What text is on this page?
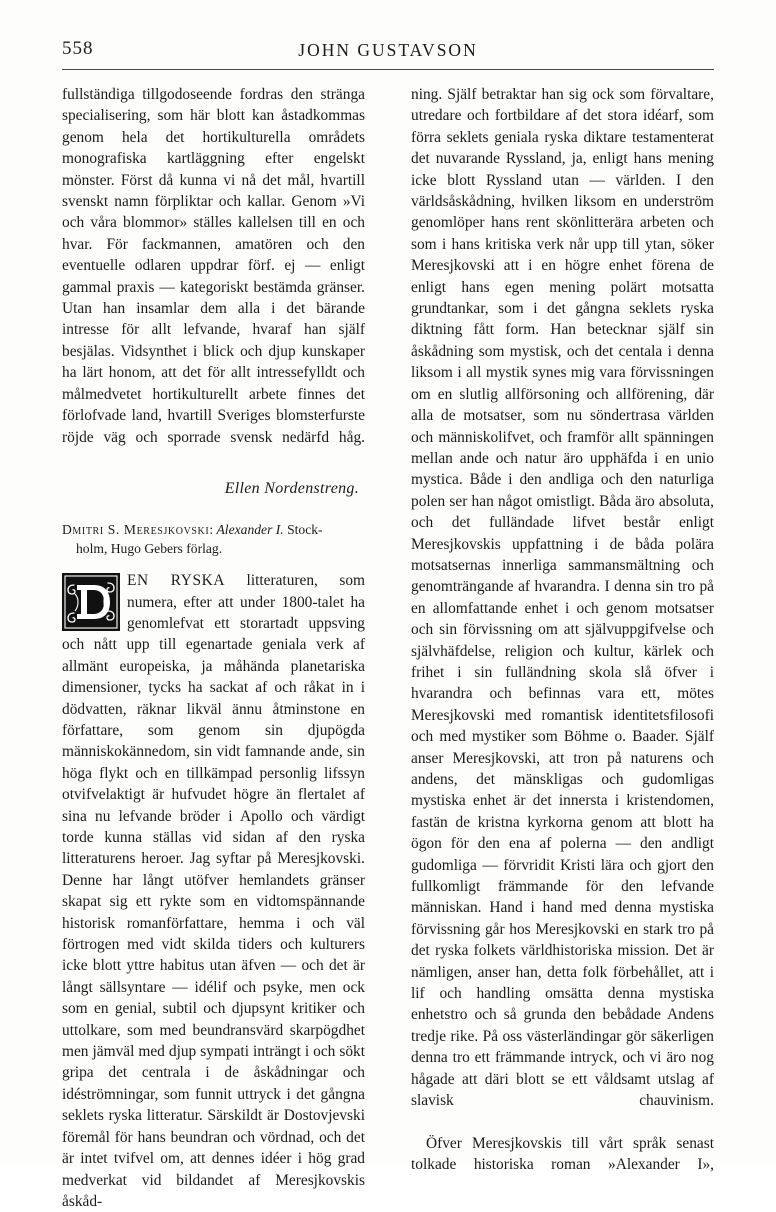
558	JOHN GUSTAVSON

fullständiga tillgodoseende fordras den stränga specialisering, som här blott kan åstadkommas genom hela det hortikulturella områdets monografiska kartläggning efter engelskt mönster. Först då kunna vi nå det mål, hvartill svenskt namn förpliktar och kallar. Genom »Vi och våra blommor» ställes kallelsen till en och hvar. För fackmannen, amatören och den eventuelle odlaren uppdrar förf. ej — enligt gammal praxis — kategoriskt bestämda gränser. Utan han insamlar dem alla i det bärande intresse för allt lefvande, hvaraf han själf besjälas. Vidsynthet i blick och djup kunskaper ha lärt honom, att det för allt intressefylldt och målmedvetet hortikulturellt arbete finnes det förlofvade land, hvartill Sveriges blomsterfurste röjde väg och sporrade svensk nedärfd håg.

Ellen Nordenstreng.

Dmitri S. Meresjkovski: Alexander I. Stock-
holm, Hugo Gebers förlag.

EN RYSKA litteraturen, som numera, efter att under 1800-talet ha genomlefvat ett storartadt uppsving och nått upp till egenartade geniala verk af allmänt europeiska, ja måhända planetariska dimensioner, tycks ha sackat af och råkat in i dödvatten, räknar likväl ännu åtminstone en författare, som genom sin djupögda människokännedom, sin vidt famnande ande, sin höga flykt och en tillkämpad personlig lifssyn otvifvelaktigt är hufvudet högre än flertalet af sina nu lefvande bröder i Apollo och värdigt torde kunna ställas vid sidan af den ryska litteraturens heroer. Jag syftar på Meresjkovski. Denne har långt utöfver hemlandets gränser skapat sig ett rykte som en vidtomspännande historisk romanförfattare, hemma i och väl förtrogen med vidt skilda tiders och kulturers icke blott yttre habitus utan äfven — och det är långt sällsyntare — idélif och psyke, men ock som en genial, subtil och djupsynt kritiker och uttolkare, som med beundransvärd skarpögdhet men jämväl med djup sympati inträngt i och sökt gripa det centrala i de åskådningar och idéströmningar, som funnit uttryck i det gångna seklets ryska litteratur. Särskildt är Dostovjevski föremål för hans beundran och vördnad, och det är intet tvifvel om, att dennes idéer i hög grad medverkat vid bildandet af Meresjkovskis åskåd-

ning. Själf betraktar han sig ock som förvaltare, utredare och fortbildare af det stora idéarf, som förra seklets geniala ryska diktare testamenterat det nuvarande Ryssland, ja, enligt hans mening icke blott Ryssland utan — världen. I den världsåskådning, hvilken liksom en underström genomlöper hans rent skönlitterära arbeten och som i hans kritiska verk når upp till ytan, söker Meresjkovski att i en högre enhet förena de enligt hans egen mening polärt motsatta grundtankar, som i det gångna seklets ryska diktning fått form. Han betecknar själf sin åskådning som mystisk, och det centala i denna liksom i all mystik synes mig vara förvissningen om en slutlig allförsoning och allförening, där alla de motsatser, som nu söndertrasa världen och människolifvet, och framför allt spänningen mellan ande och natur äro upphäfda i en unio mystica. Både i den andliga och den naturliga polen ser han något omistligt. Båda äro absoluta, och det fulländade lifvet består enligt Meresjkovskis uppfattning i de båda polära motsatsernas innerliga sammansmältning och genomträngande af hvarandra. I denna sin tro på en allomfattande enhet i och genom motsatser och sin förvissning om att självuppgifvelse och självhäfdelse, religion och kultur, kärlek och frihet i sin fulländning skola slå öfver i hvarandra och befinnas vara ett, mötes Meresjkovski med romantisk identitetsfilosofi och med mystiker som Böhme o. Baader. Själf anser Meresjkovski, att tron på naturens och andens, det mänskligas och gudomligas mystiska enhet är det innersta i kristendomen, fastän de kristna kyrkorna genom att blott ha ögon för den ena af polerna — den andligt gudomliga — förvridit Kristi lära och gjort den fullkomligt främmande för den lefvande människan. Hand i hand med denna mystiska förvissning går hos Meresjkovski en stark tro på det ryska folkets världhistoriska mission. Det är nämligen, anser han, detta folk förbehållet, att i lif och handling omsätta denna mystiska enhetstro och så grunda den bebådade Andens tredje rike. På oss västerländingar gör säkerligen denna tro ett främmande intryck, och vi äro nog hågade att däri blott se ett våldsamt utslag af slavisk chauvinism.

Öfver Meresjkovskis till vårt språk senast tolkade historiska roman »Alexander I»,
